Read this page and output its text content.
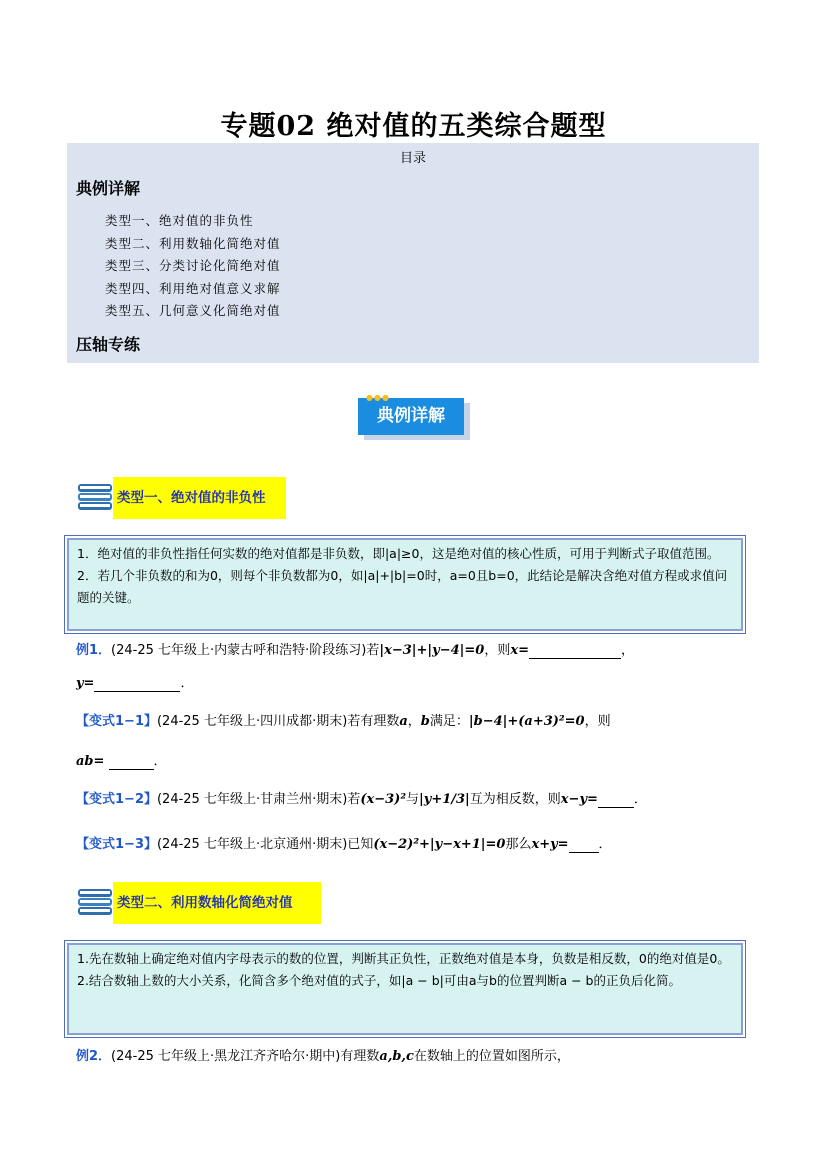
专题02 绝对值的五类综合题型
目录
典例详解
类型一、绝对值的非负性
类型二、利用数轴化简绝对值
类型三、分类讨论化简绝对值
类型四、利用绝对值意义求解
类型五、几何意义化简绝对值
压轴专练
典例详解
●●●
类型一、绝对值的非负性

1．绝对值的非负性指任何实数的绝对值都是非负数，即|a|≥0，这是绝对值的核心性质，可用于判断式子取值范围。

2．若几个非负数的和为0，则每个非负数都为0，如|a|+|b|=0时，a=0且b=0，此结论是解决含绝对值方程或求值问题的关键。

例1．(24-25 七年级上·内蒙古呼和浩特·阶段练习)若|x−3|+|y−4|=0，则x=	，
y=	．
【变式1−1】(24-25 七年级上·四川成都·期末)若有理数a，b满足：|b−4|+(a+3)²=0，则
ab=	．
【变式1−2】(24-25 七年级上·甘肃兰州·期末)若(x−3)²与|y+1/3|互为相反数，则x−y=	．
【变式1−3】(24-25 七年级上·北京通州·期末)已知(x−2)²+|y−x+1|=0那么x+y= ．
类型二、利用数轴化简绝对值

1.先在数轴上确定绝对值内字母表示的数的位置，判断其正负性，正数绝对值是本身，负数是相反数，0的绝对值是0。

2.结合数轴上数的大小关系，化简含多个绝对值的式子，如|a − b|可由a与b的位置判断a − b的正负后化简。

例2．(24-25 七年级上·黑龙江齐齐哈尔·期中)有理数a,b,c在数轴上的位置如图所示，
